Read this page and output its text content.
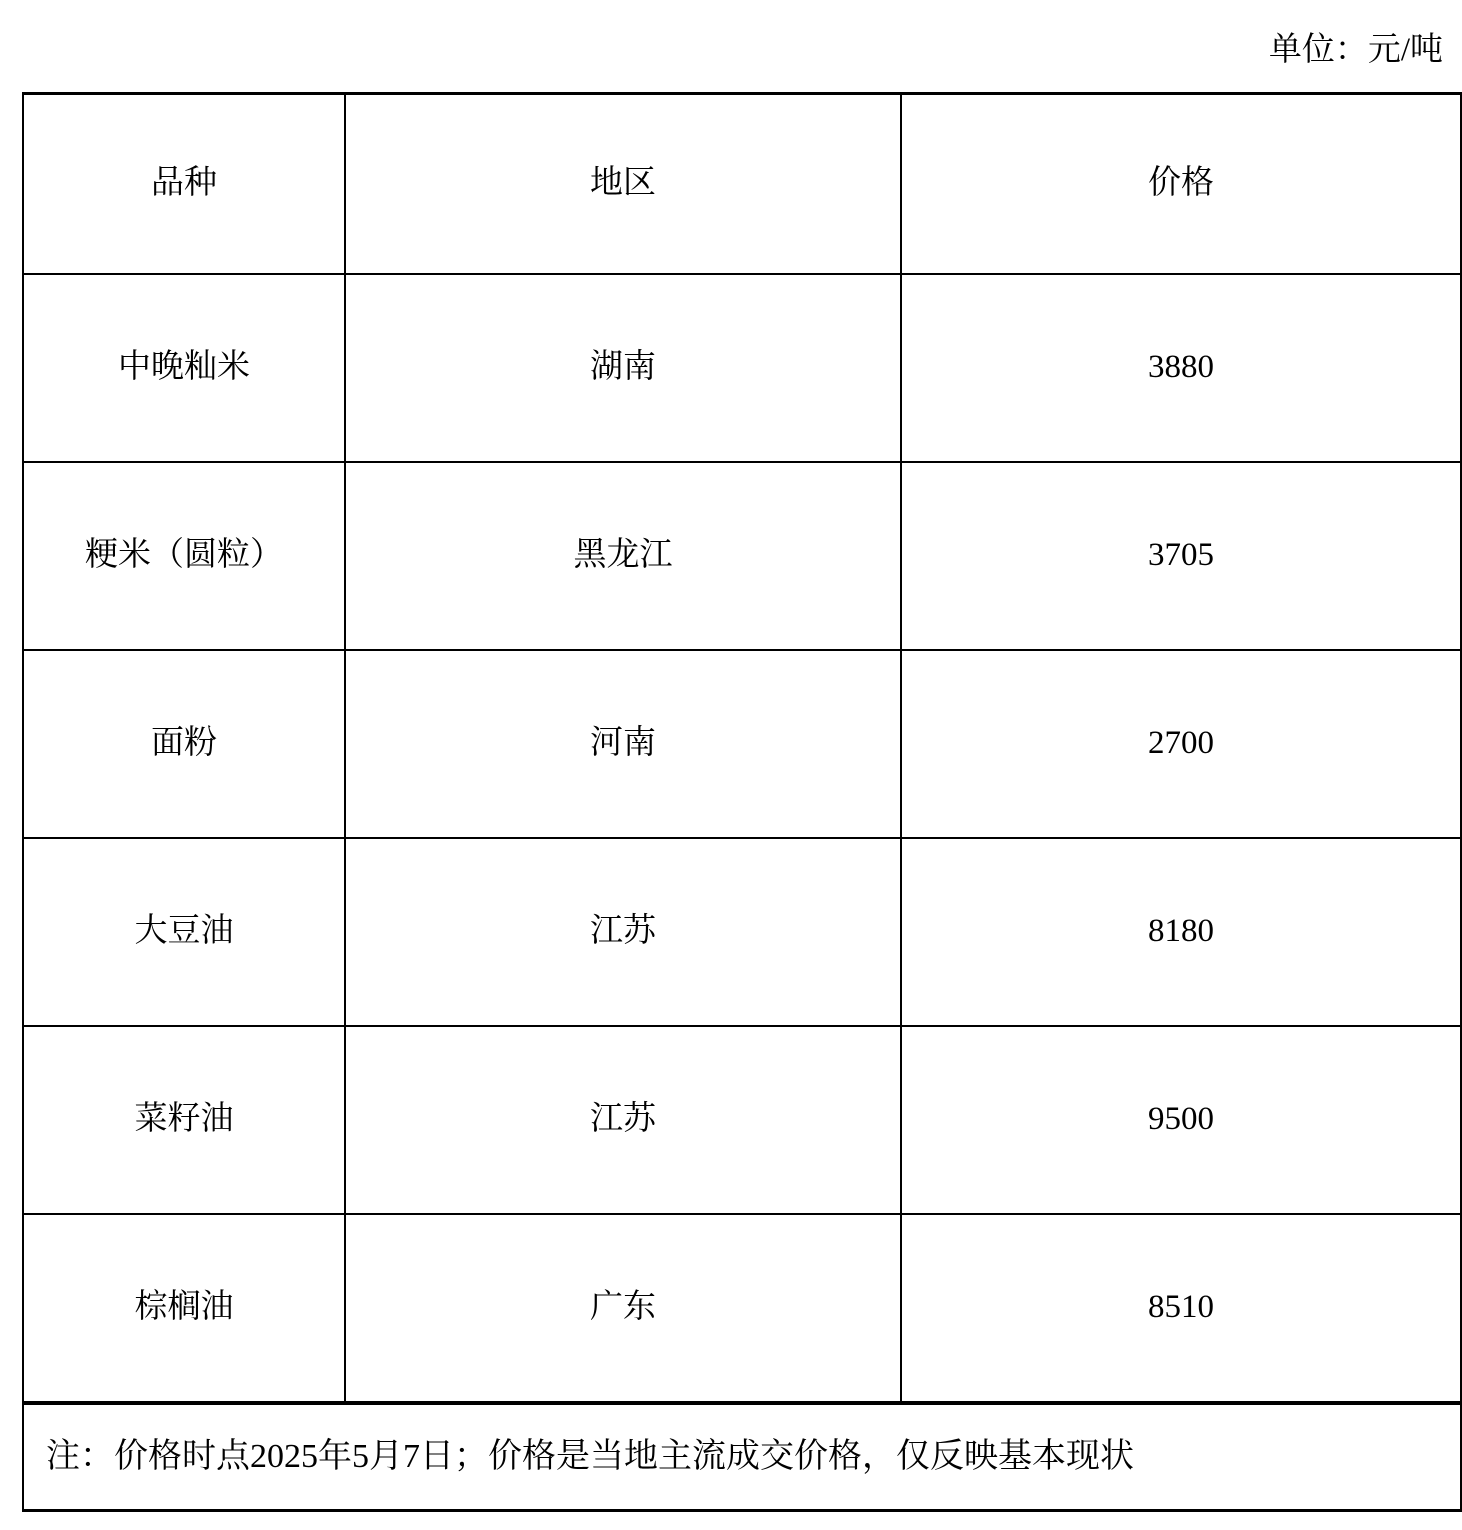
		单位：元/吨
品种	地区	价格
中晚籼米	湖南	3880
粳米（圆粒）	黑龙江	3705
面粉	河南	2700
大豆油	江苏	8180
菜籽油	江苏	9500
棕榈油	广东	8510
注：价格时点2025年5月7日；价格是当地主流成交价格，仅反映基本现状		
